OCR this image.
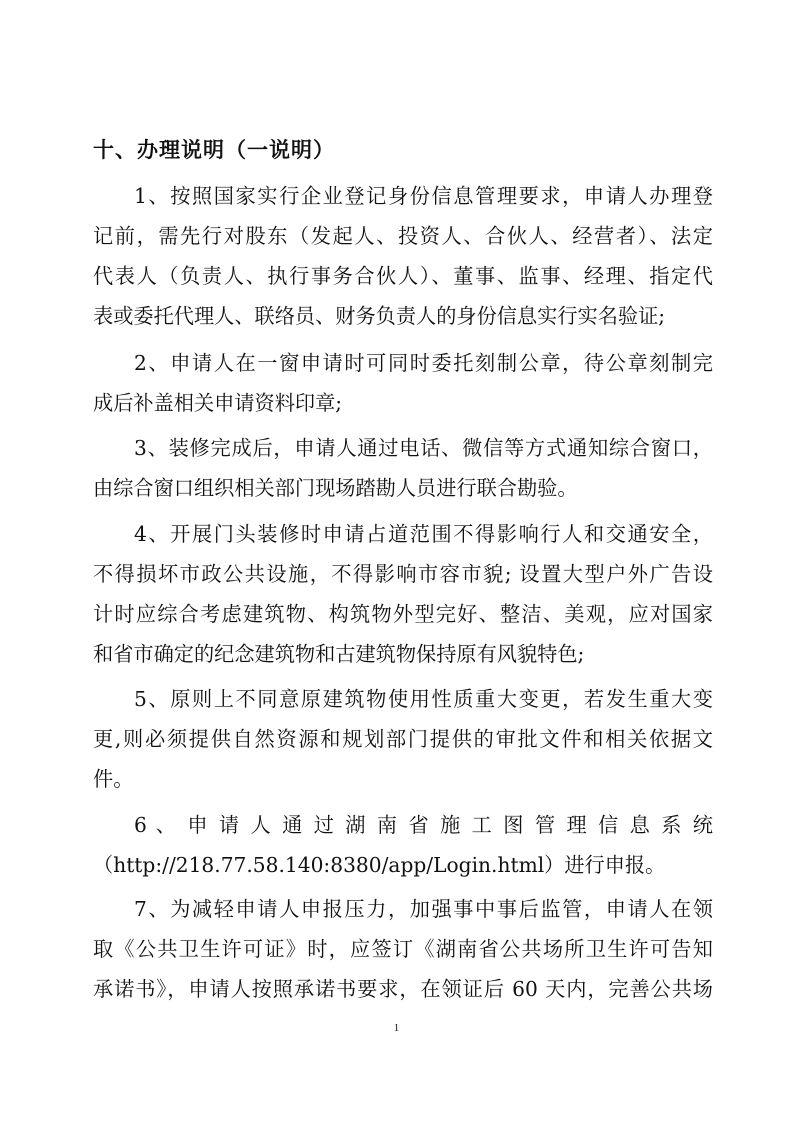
十、办理说明（一说明）
1、按照国家实行企业登记身份信息管理要求，申请人办理登
记前，需先行对股东（发起人、投资人、合伙人、经营者）、法定
代表人（负责人、执行事务合伙人）、董事、监事、经理、指定代
表或委托代理人、联络员、财务负责人的身份信息实行实名验证;
2、申请人在一窗申请时可同时委托刻制公章，待公章刻制完
成后补盖相关申请资料印章;
3、装修完成后，申请人通过电话、微信等方式通知综合窗口，
由综合窗口组织相关部门现场踏勘人员进行联合勘验。
4、开展门头装修时申请占道范围不得影响行人和交通安全，
不得损坏市政公共设施，不得影响市容市貌; 设置大型户外广告设
计时应综合考虑建筑物、构筑物外型完好、整洁、美观，应对国家
和省市确定的纪念建筑物和古建筑物保持原有风貌特色;
5、原则上不同意原建筑物使用性质重大变更，若发生重大变
更,则必须提供自然资源和规划部门提供的审批文件和相关依据文
件。
6 、 申 请 人 通 过 湖 南 省 施 工 图 管 理 信 息 系 统
（http://218.77.58.140:8380/app/Login.html）进行申报。
7、为减轻申请人申报压力，加强事中事后监管，申请人在领
取《公共卫生许可证》时，应签订《湖南省公共场所卫生许可告知
承诺书》，申请人按照承诺书要求，在领证后 60 天内，完善公共场
1
